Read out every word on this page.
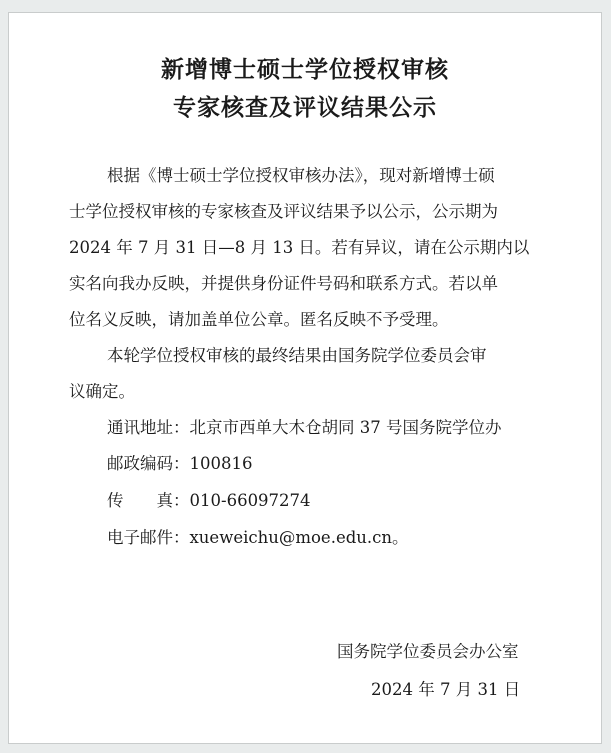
新增博士硕士学位授权审核
专家核查及评议结果公示
根据《博士硕士学位授权审核办法》，现对新增博士硕
士学位授权审核的专家核查及评议结果予以公示，公示期为
2024 年 7 月 31 日—8 月 13 日。若有异议，请在公示期内以
实名向我办反映，并提供身份证件号码和联系方式。若以单
位名义反映，请加盖单位公章。匿名反映不予受理。
本轮学位授权审核的最终结果由国务院学位委员会审
议确定。
通讯地址：北京市西单大木仓胡同 37 号国务院学位办
邮政编码：100816
传　　真：010-66097274
电子邮件：xueweichu@moe.edu.cn。
国务院学位委员会办公室
2024 年 7 月 31 日
